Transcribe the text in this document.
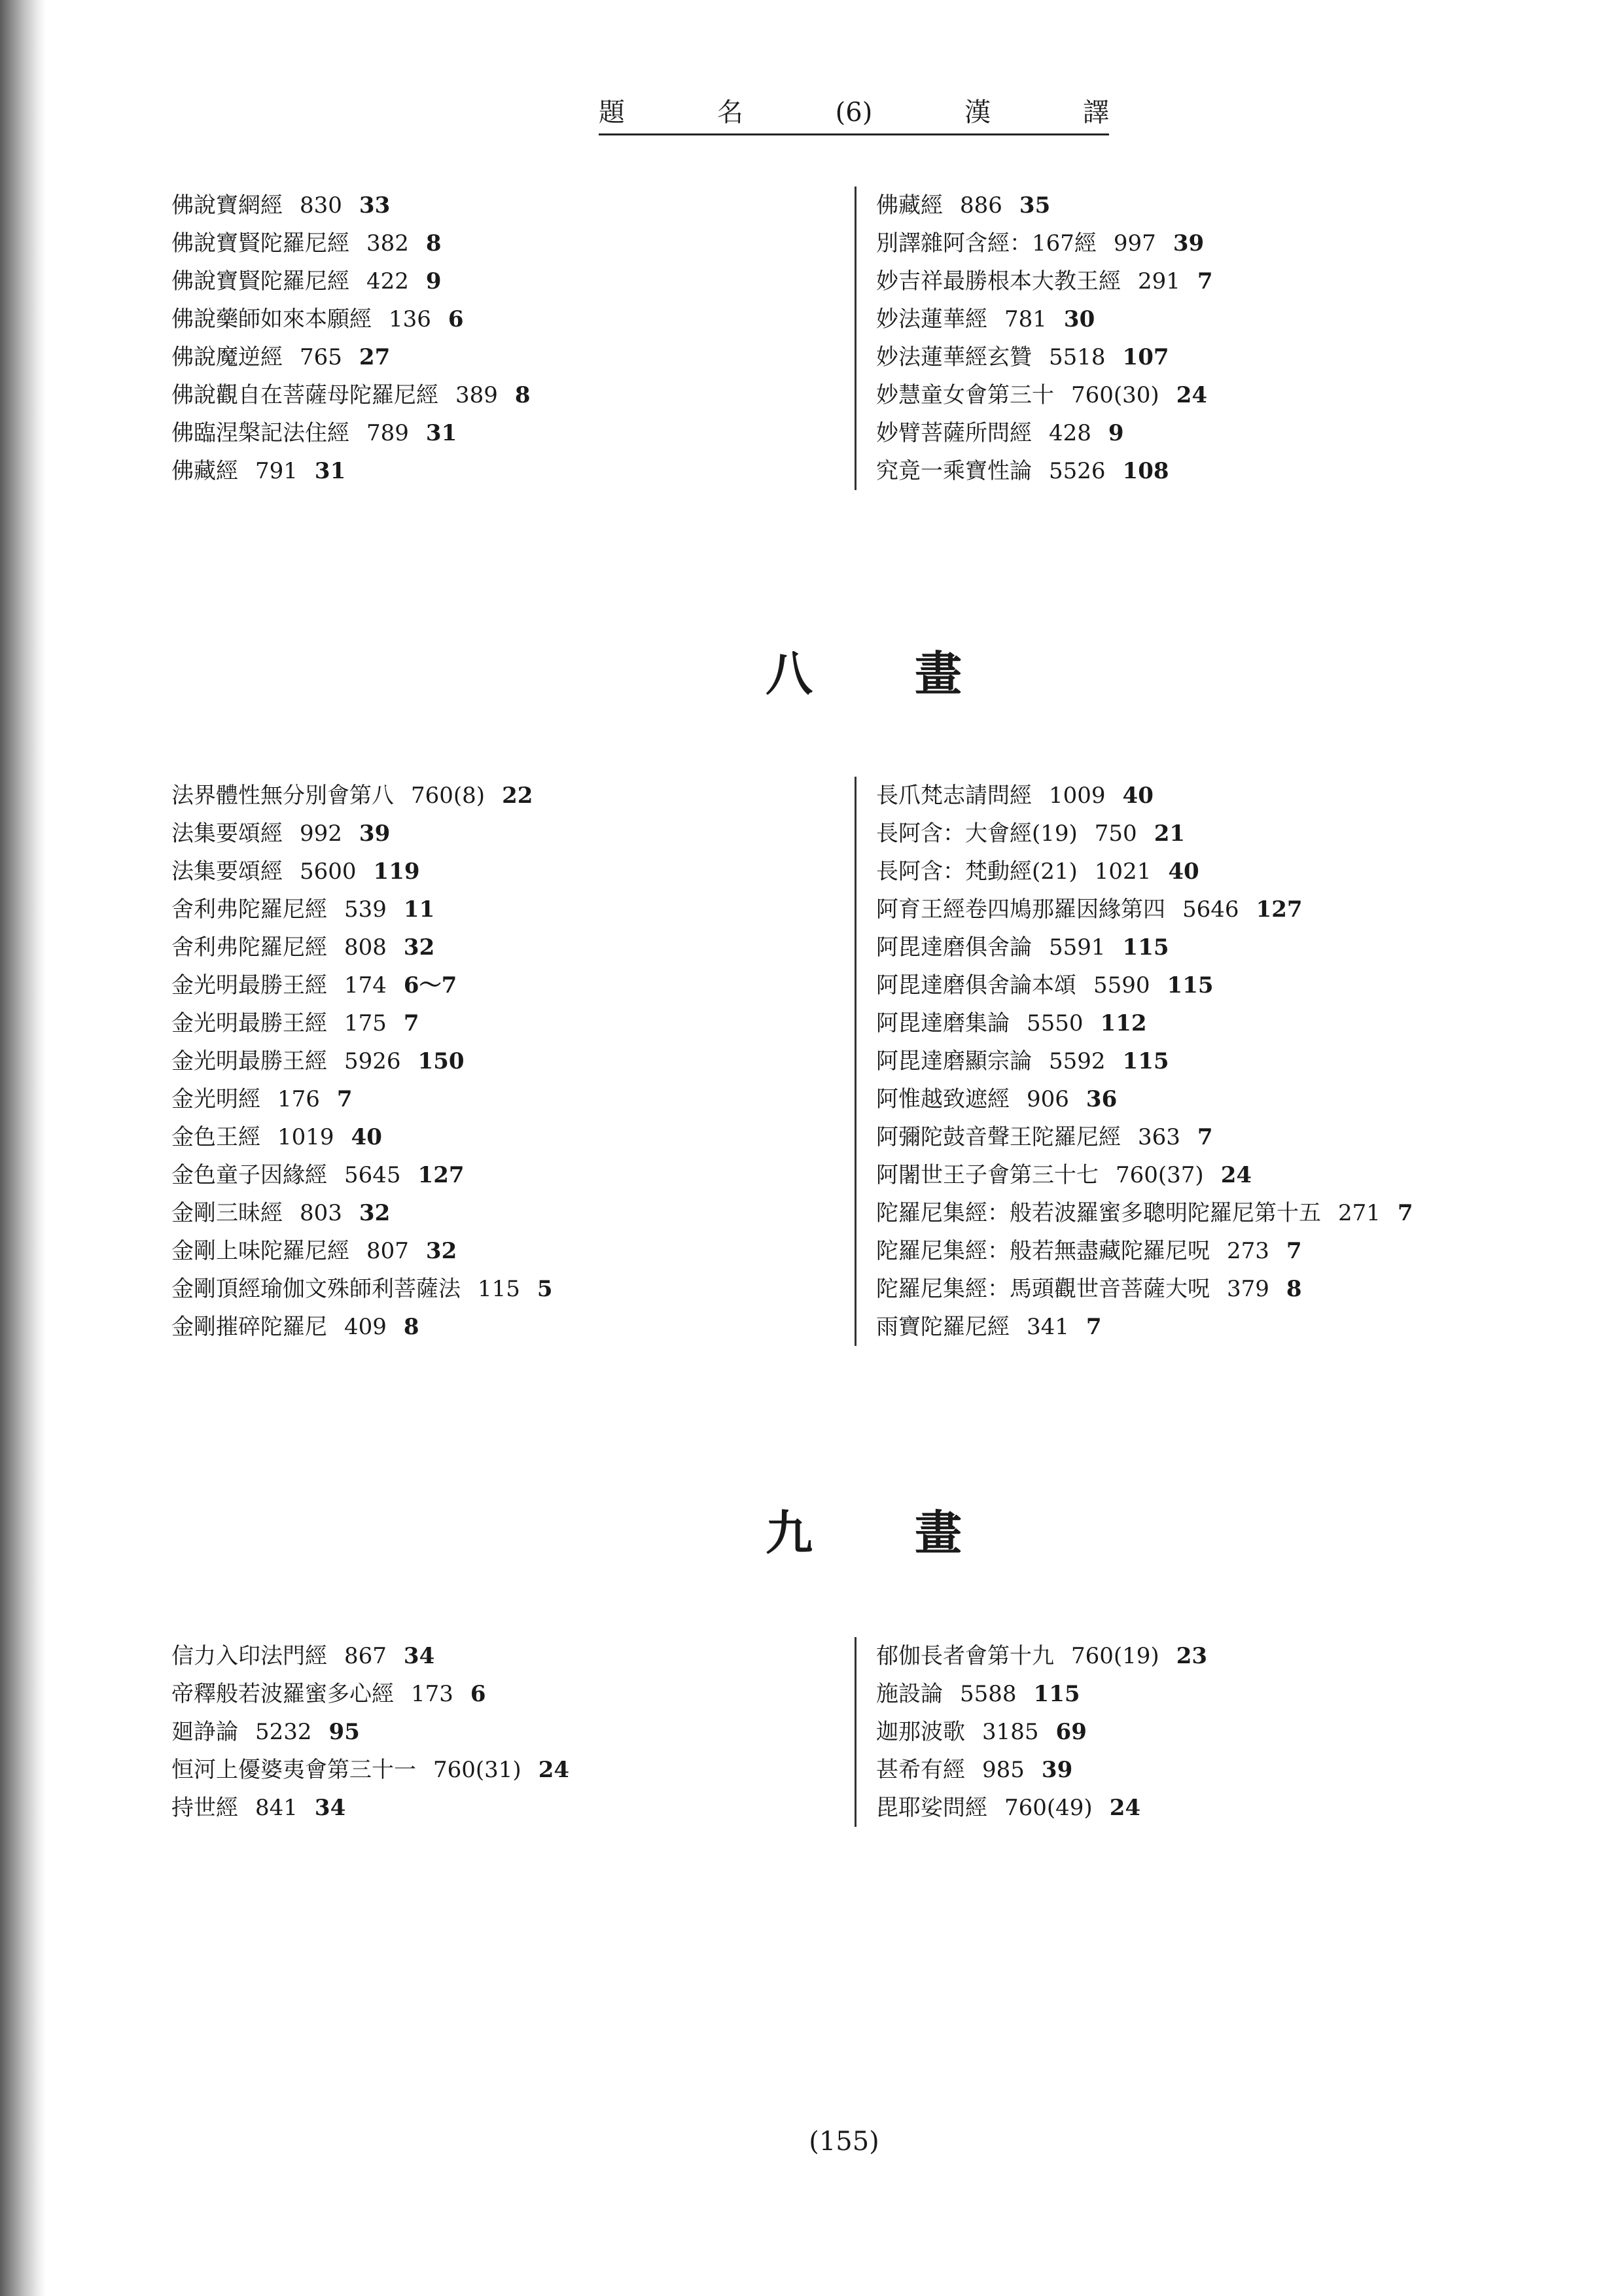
題	名	(6)	漢	譯
佛說寶網經 830 33
佛說寶賢陀羅尼經 382 8
佛說寶賢陀羅尼經 422 9
佛說藥師如來本願經 136 6
佛說魔逆經 765 27
佛說觀自在菩薩母陀羅尼經 389 8
佛臨涅槃記法住經 789 31
佛藏經 791 31
佛藏經 886 35
別譯雜阿含經：167經 997 39
妙吉祥最勝根本大教王經 291 7
妙法蓮華經 781 30
妙法蓮華經玄贊 5518 107
妙慧童女會第三十 760(30) 24
妙臂菩薩所問經 428 9
究竟一乘寶性論 5526 108
八 畫
法界體性無分別會第八 760(8) 22
法集要頌經 992 39
法集要頌經 5600 119
舍利弗陀羅尼經 539 11
舍利弗陀羅尼經 808 32
金光明最勝王經 174 6～7
金光明最勝王經 175 7
金光明最勝王經 5926 150
金光明經 176 7
金色王經 1019 40
金色童子因緣經 5645 127
金剛三昧經 803 32
金剛上味陀羅尼經 807 32
金剛頂經瑜伽文殊師利菩薩法 115 5
金剛摧碎陀羅尼 409 8
長爪梵志請問經 1009 40
長阿含：大會經(19) 750 21
長阿含：梵動經(21) 1021 40
阿育王經卷四鳩那羅因緣第四 5646 127
阿毘達磨俱舍論 5591 115
阿毘達磨俱舍論本頌 5590 115
阿毘達磨集論 5550 112
阿毘達磨顯宗論 5592 115
阿惟越致遮經 906 36
阿彌陀鼓音聲王陀羅尼經 363 7
阿闍世王子會第三十七 760(37) 24
陀羅尼集經：般若波羅蜜多聰明陀羅尼第十五 271 7
陀羅尼集經：般若無盡藏陀羅尼呪 273 7
陀羅尼集經：馬頭觀世音菩薩大呪 379 8
雨寶陀羅尼經 341 7
九 畫
信力入印法門經 867 34
帝釋般若波羅蜜多心經 173 6
廻諍論 5232 95
恒河上優婆夷會第三十一 760(31) 24
持世經 841 34
郁伽長者會第十九 760(19) 23
施設論 5588 115
迦那波歌 3185 69
甚希有經 985 39
毘耶娑問經 760(49) 24
(155)
